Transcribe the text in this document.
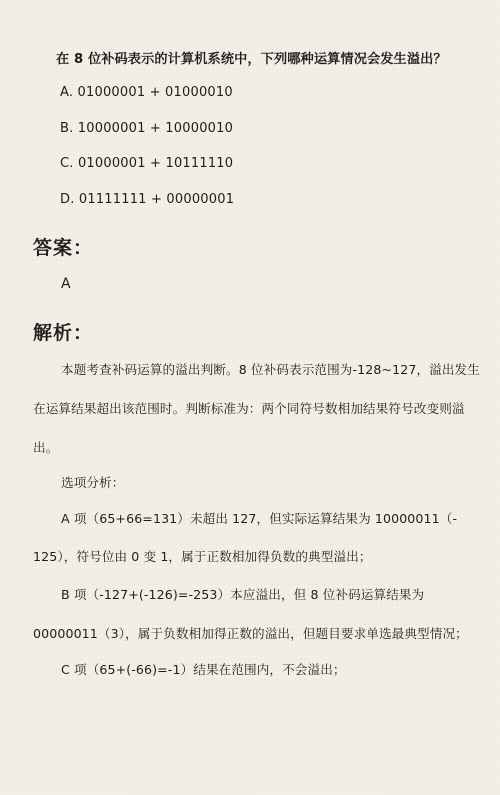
在 8 位补码表示的计算机系统中，下列哪种运算情况会发生溢出？
A. 01000001 + 01000010
B. 10000001 + 10000010
C. 01000001 + 10111110
D. 01111111 + 00000001
答案：
A
解析：
本题考查补码运算的溢出判断。8 位补码表示范围为-128~127，溢出发生
在运算结果超出该范围时。判断标准为：两个同符号数相加结果符号改变则溢
出。
选项分析：
A 项（65+66=131）未超出 127，但实际运算结果为 10000011（-
125），符号位由 0 变 1，属于正数相加得负数的典型溢出；
B 项（-127+(-126)=-253）本应溢出，但 8 位补码运算结果为
00000011（3），属于负数相加得正数的溢出，但题目要求单选最典型情况；
C 项（65+(-66)=-1）结果在范围内，不会溢出；
